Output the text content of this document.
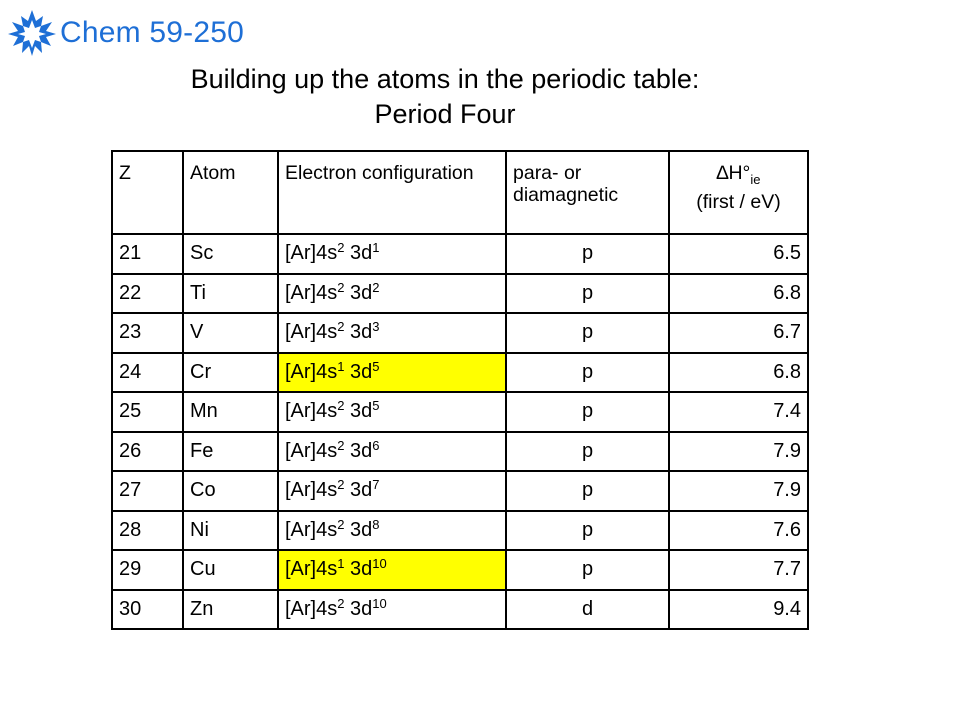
Chem 59-250
Building up the atoms in the periodic table:
Period Four
Z	Atom	Electron configuration	para- or diamagnetic	$\Delta H^\circ_{ie}$
(first / eV)

21	Sc	$[Ar]4s^2$ $3d^1$	p	6.5
22	Ti	$[Ar]4s^2$ $3d^2$	p	6.8
23	V	$[Ar]4s^2$ $3d^3$	p	6.7
24	Cr	$[Ar]4s^1$ $3d^5$	p	6.8
25	Mn	$[Ar]4s^2$ $3d^5$	p	7.4
26	Fe	$[Ar]4s^2$ $3d^6$	p	7.9
27	Co	$[Ar]4s^2$ $3d^7$	p	7.9
28	Ni	$[Ar]4s^2$ $3d^8$	p	7.6
29	Cu	$[Ar]4s^1$ $3d^{10}$	p	7.7
30	Zn	$[Ar]4s^2$ $3d^{10}$	d	9.4
